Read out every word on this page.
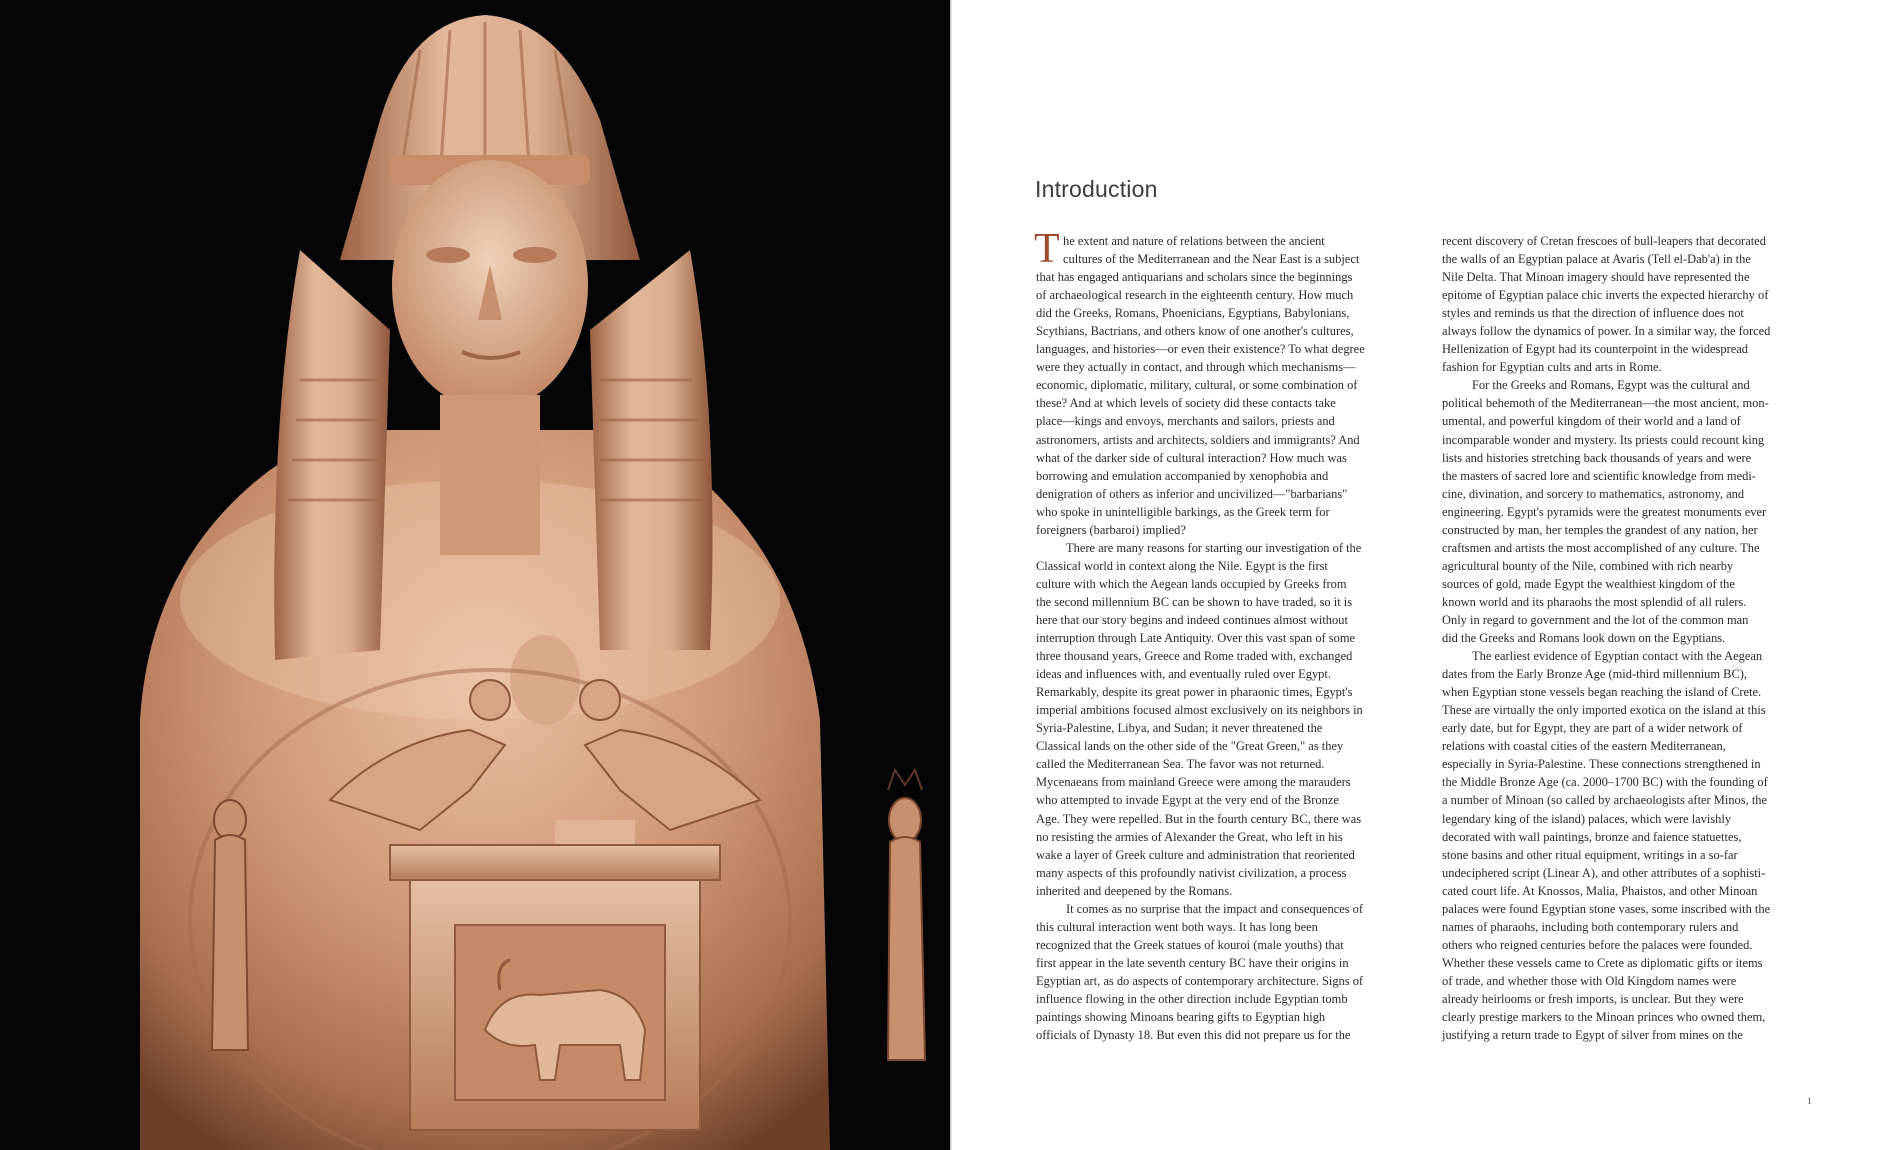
Introduction
T he extent and nature of relations between the ancient
cultures of the Mediterranean and the Near East is a subject
that has engaged antiquarians and scholars since the beginnings
of archaeological research in the eighteenth century. How much
did the Greeks, Romans, Phoenicians, Egyptians, Babylonians,
Scythians, Bactrians, and others know of one another's cultures,
languages, and histories—or even their existence? To what degree
were they actually in contact, and through which mechanisms—
economic, diplomatic, military, cultural, or some combination of
these? And at which levels of society did these contacts take
place—kings and envoys, merchants and sailors, priests and
astronomers, artists and architects, soldiers and immigrants? And
what of the darker side of cultural interaction? How much was
borrowing and emulation accompanied by xenophobia and
denigration of others as inferior and uncivilized—"barbarians"
who spoke in unintelligible barkings, as the Greek term for
foreigners (barbaroi) implied?
There are many reasons for starting our investigation of the
Classical world in context along the Nile. Egypt is the first
culture with which the Aegean lands occupied by Greeks from
the second millennium BC can be shown to have traded, so it is
here that our story begins and indeed continues almost without
interruption through Late Antiquity. Over this vast span of some
three thousand years, Greece and Rome traded with, exchanged
ideas and influences with, and eventually ruled over Egypt.
Remarkably, despite its great power in pharaonic times, Egypt's
imperial ambitions focused almost exclusively on its neighbors in
Syria-Palestine, Libya, and Sudan; it never threatened the
Classical lands on the other side of the "Great Green," as they
called the Mediterranean Sea. The favor was not returned.
Mycenaeans from mainland Greece were among the marauders
who attempted to invade Egypt at the very end of the Bronze
Age. They were repelled. But in the fourth century BC, there was
no resisting the armies of Alexander the Great, who left in his
wake a layer of Greek culture and administration that reoriented
many aspects of this profoundly nativist civilization, a process
inherited and deepened by the Romans.
It comes as no surprise that the impact and consequences of
this cultural interaction went both ways. It has long been
recognized that the Greek statues of kouroi (male youths) that
first appear in the late seventh century BC have their origins in
Egyptian art, as do aspects of contemporary architecture. Signs of
influence flowing in the other direction include Egyptian tomb
paintings showing Minoans bearing gifts to Egyptian high
officials of Dynasty 18. But even this did not prepare us for the
recent discovery of Cretan frescoes of bull-leapers that decorated
the walls of an Egyptian palace at Avaris (Tell el-Dab'a) in the
Nile Delta. That Minoan imagery should have represented the
epitome of Egyptian palace chic inverts the expected hierarchy of
styles and reminds us that the direction of influence does not
always follow the dynamics of power. In a similar way, the forced
Hellenization of Egypt had its counterpoint in the widespread
fashion for Egyptian cults and arts in Rome.
For the Greeks and Romans, Egypt was the cultural and
political behemoth of the Mediterranean—the most ancient, mon-
umental, and powerful kingdom of their world and a land of
incomparable wonder and mystery. Its priests could recount king
lists and histories stretching back thousands of years and were
the masters of sacred lore and scientific knowledge from medi-
cine, divination, and sorcery to mathematics, astronomy, and
engineering. Egypt's pyramids were the greatest monuments ever
constructed by man, her temples the grandest of any nation, her
craftsmen and artists the most accomplished of any culture. The
agricultural bounty of the Nile, combined with rich nearby
sources of gold, made Egypt the wealthiest kingdom of the
known world and its pharaohs the most splendid of all rulers.
Only in regard to government and the lot of the common man
did the Greeks and Romans look down on the Egyptians.
The earliest evidence of Egyptian contact with the Aegean
dates from the Early Bronze Age (mid-third millennium BC),
when Egyptian stone vessels began reaching the island of Crete.
These are virtually the only imported exotica on the island at this
early date, but for Egypt, they are part of a wider network of
relations with coastal cities of the eastern Mediterranean,
especially in Syria-Palestine. These connections strengthened in
the Middle Bronze Age (ca. 2000–1700 BC) with the founding of
a number of Minoan (so called by archaeologists after Minos, the
legendary king of the island) palaces, which were lavishly
decorated with wall paintings, bronze and faience statuettes,
stone basins and other ritual equipment, writings in a so-far
undeciphered script (Linear A), and other attributes of a sophisti-
cated court life. At Knossos, Malia, Phaistos, and other Minoan
palaces were found Egyptian stone vases, some inscribed with the
names of pharaohs, including both contemporary rulers and
others who reigned centuries before the palaces were founded.
Whether these vessels came to Crete as diplomatic gifts or items
of trade, and whether those with Old Kingdom names were
already heirlooms or fresh imports, is unclear. But they were
clearly prestige markers to the Minoan princes who owned them,
justifying a return trade to Egypt of silver from mines on the
1
